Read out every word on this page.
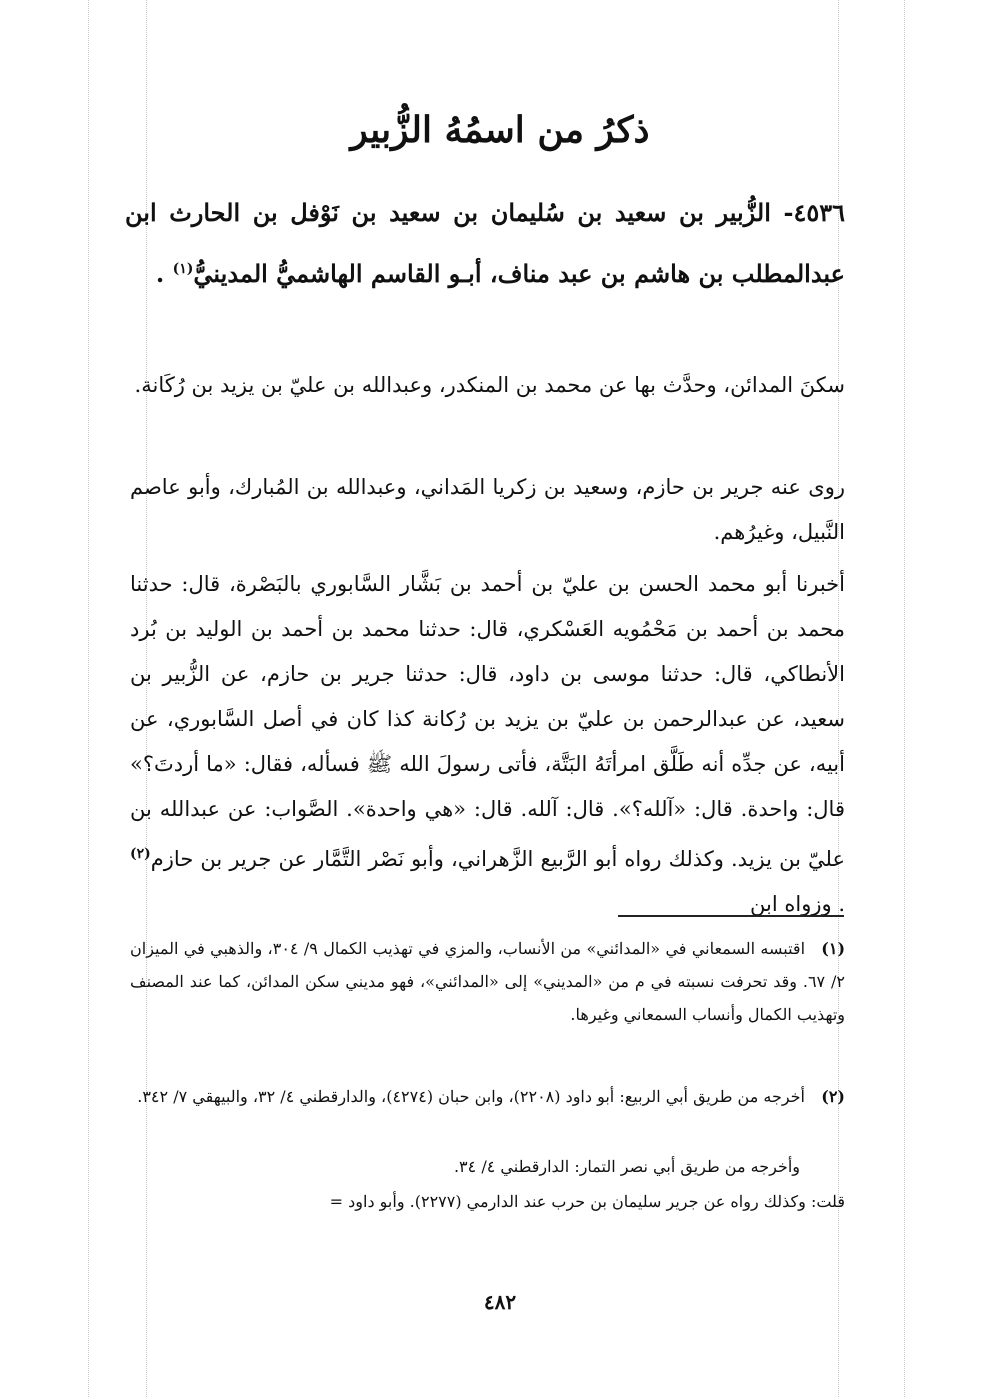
ذكرُ من اسمُهُ الزُّبير
٤٥٣٦- الزُّبير بن سعيد بن سُليمان بن سعيد بن نَوْفل بن الحارث ابن عبدالمطلب بن هاشم بن عبد مناف، أبـو القاسم الهاشميُّ المدينيُّ$^{(١)}$ .
سكنَ المدائن، وحدَّث بها عن محمد بن المنكدر، وعبدالله بن عليّ بن يزيد بن رُكَانة.
روى عنه جرير بن حازم، وسعيد بن زكريا المَداني، وعبدالله بن المُبارك، وأبو عاصم النَّبيل، وغيرُهم.
أخبرنا أبو محمد الحسن بن عليّ بن أحمد بن بَشَّار السَّابوري بالبَصْرة، قال: حدثنا محمد بن أحمد بن مَحْمُويه العَسْكري، قال: حدثنا محمد بن أحمد بن الوليد بن بُرد الأنطاكي، قال: حدثنا موسى بن داود، قال: حدثنا جرير بن حازم، عن الزُّبير بن سعيد، عن عبدالرحمن بن عليّ بن يزيد بن رُكانة كذا كان في أصل السَّابوري، عن أبيه، عن جدِّه أنه طَلَّق امرأتَهُ البَتَّة، فأتى رسولَ الله ﷺ فسأله، فقال: «ما أردتَ؟» قال: واحدة. قال: «آلله؟». قال: آلله. قال: «هي واحدة». الصَّواب: عن عبدالله بن عليّ بن يزيد. وكذلك رواه أبو الرَّبيع الزَّهراني، وأبو نَصْر التَّمَّار عن جرير بن حازم$^{(٢)}$ . وزواه ابن
(١)اقتبسه السمعاني في «المدائني» من الأنساب، والمزي في تهذيب الكمال ٩/ ٣٠٤، والذهبي في الميزان ٢/ ٦٧. وقد تحرفت نسبته في م من «المديني» إلى «المدائني»، فهو مديني سكن المدائن، كما عند المصنف وتهذيب الكمال وأنساب السمعاني وغيرها.
(٢)أخرجه من طريق أبي الربيع: أبو داود (٢٢٠٨)، وابن حبان (٤٢٧٤)، والدارقطني ٤/ ٣٢، والبيهقي ٧/ ٣٤٢.
وأخرجه من طريق أبي نصر التمار: الدارقطني ٤/ ٣٤.
قلت: وكذلك رواه عن جرير سليمان بن حرب عند الدارمي (٢٢٧٧). وأبو داود =
٤٨٢
